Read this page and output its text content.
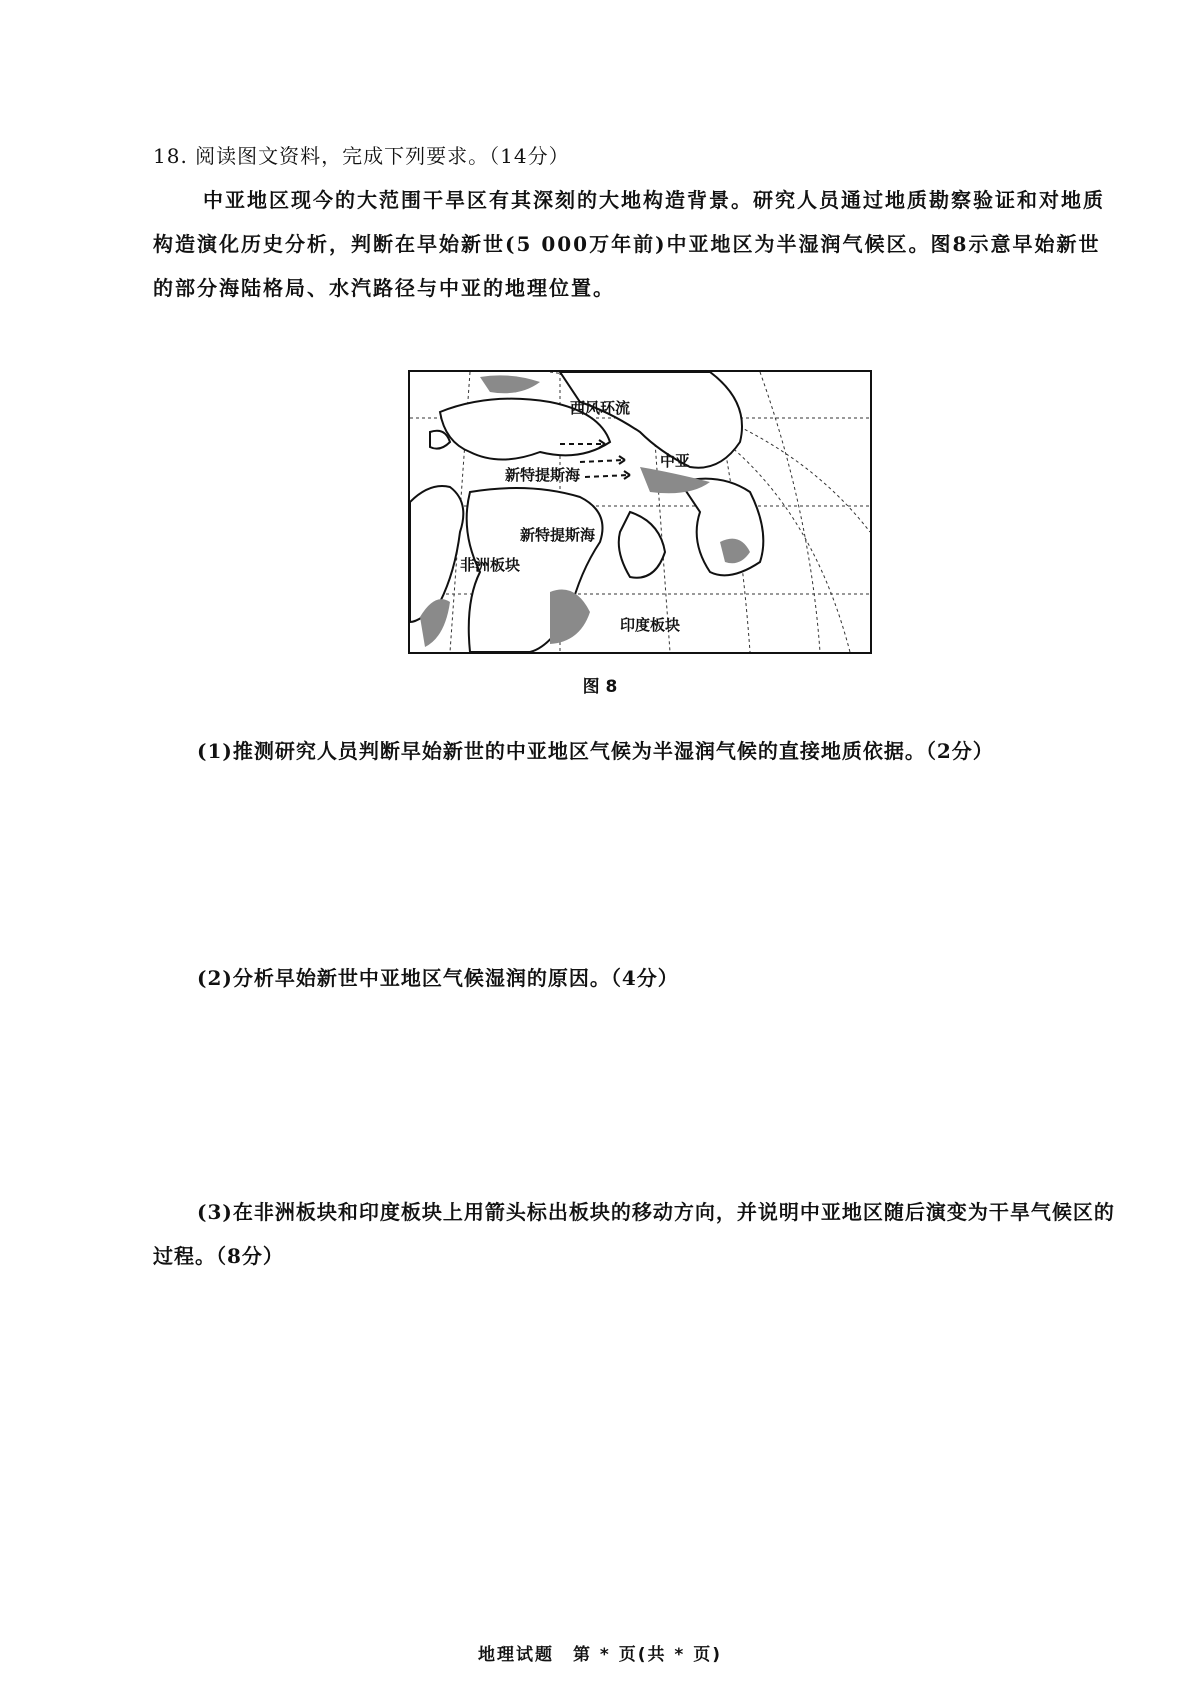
18. 阅读图文资料，完成下列要求。（14分）
中亚地区现今的大范围干旱区有其深刻的大地构造背景。研究人员通过地质勘察验证和对地质构造演化历史分析，判断在早始新世(5 000万年前)中亚地区为半湿润气候区。图8示意早始新世的部分海陆格局、水汽路径与中亚的地理位置。
西风环流
中亚
新特提斯海
新特提斯海
非洲板块
印度板块
图 8
(1)推测研究人员判断早始新世的中亚地区气候为半湿润气候的直接地质依据。（2分）
(2)分析早始新世中亚地区气候湿润的原因。（4分）
(3)在非洲板块和印度板块上用箭头标出板块的移动方向，并说明中亚地区随后演变为干旱气候区的过程。（8分）
地理试题　第 * 页(共 * 页)
